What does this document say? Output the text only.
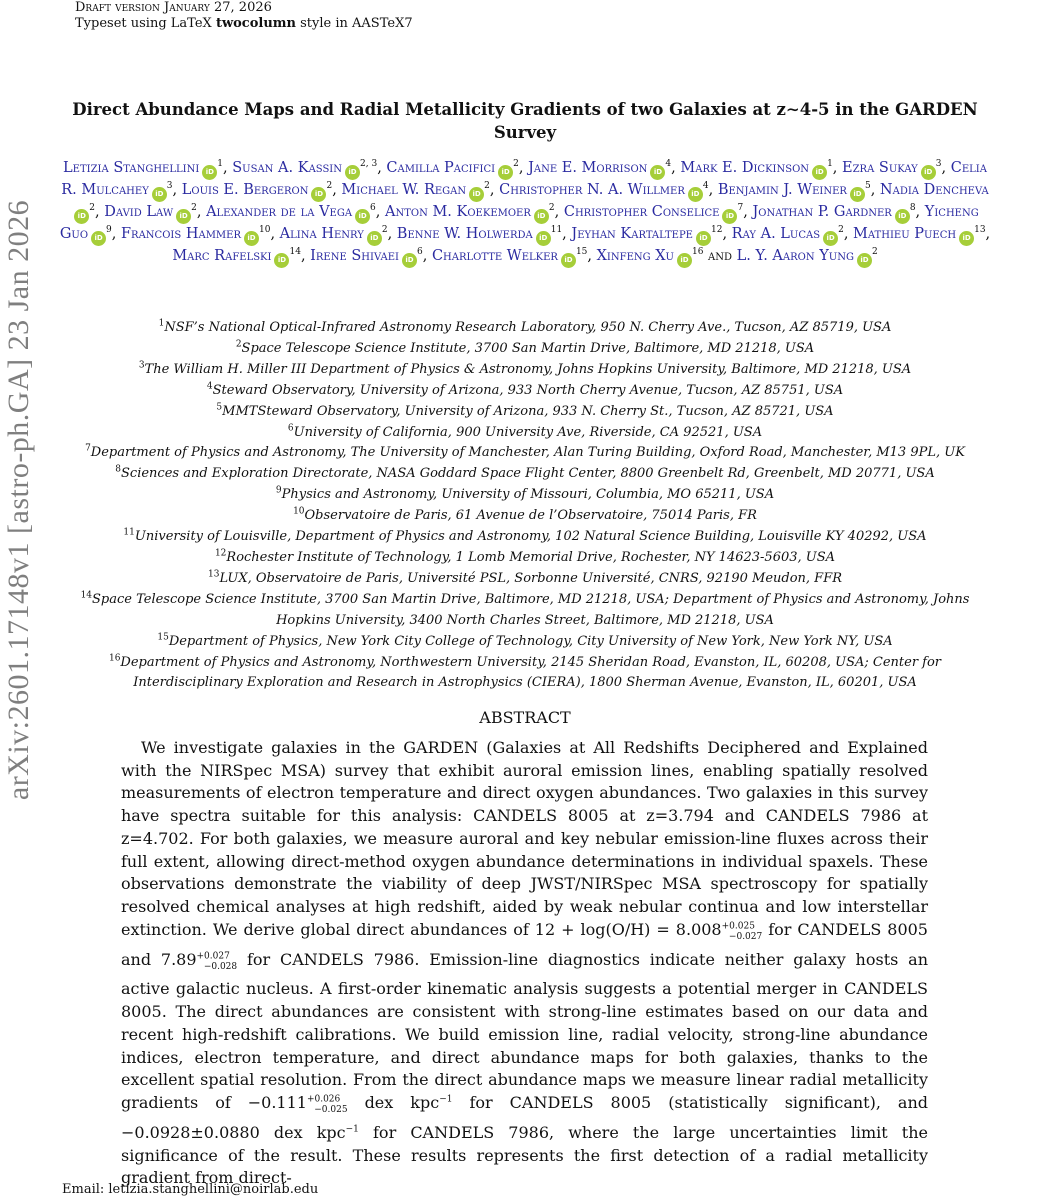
Draft version January 27, 2026
Typeset using LaTeX twocolumn style in AASTeX7
arXiv:2601.17148v1 [astro-ph.GA] 23 Jan 2026
Direct Abundance Maps and Radial Metallicity Gradients of two Galaxies at z∼4-5 in the GARDEN Survey
Letizia Stanghellini $iD^1$, Susan A. Kassin iD$^{2, 3}$, Camilla Pacifici $iD^2$, Jane E. Morrison $iD^4$, Mark E. Dickinson $iD^1$, Ezra Sukay $iD^3$, Celia R. Mulcahey $iD^3$, Louis E. Bergeron $iD^2$, Michael W. Regan $iD^2$, Christopher N. A. Willmer $iD^4$, Benjamin J. Weiner $iD^5$, Nadia DenchevaiD$^2$, David Law $iD^2$, Alexander de la Vega $iD^6$, Anton M. Koekemoer $iD^2$, Christopher Conselice $iD^7$, Jonathan P. Gardner $iD^8$, Yicheng Guo $iD^9$, Francois Hammer $iD^{10}$, Alina Henry $iD^2$, Benne W. Holwerda $iD^{11}$, Jeyhan Kartaltepe $iD^{12}$, Ray A. Lucas $iD^2$, Mathieu Puech $iD^{13}$, Marc Rafelski $iD^{14}$, Irene Shivaei $iD^6$, Charlotte Welker $iD^{15}$, Xinfeng Xu $iD^{16}$ and L. Y. Aaron Yung $iD^2$
$^1$NSF’s National Optical-Infrared Astronomy Research Laboratory, 950 N. Cherry Ave., Tucson, AZ 85719, USA
$^2$Space Telescope Science Institute, 3700 San Martin Drive, Baltimore, MD 21218, USA
$^3$The William H. Miller III Department of Physics & Astronomy, Johns Hopkins University, Baltimore, MD 21218, USA
$^4$Steward Observatory, University of Arizona, 933 North Cherry Avenue, Tucson, AZ 85751, USA
$^5$MMTSteward Observatory, University of Arizona, 933 N. Cherry St., Tucson, AZ 85721, USA
$^6$University of California, 900 University Ave, Riverside, CA 92521, USA
$^7$Department of Physics and Astronomy, The University of Manchester, Alan Turing Building, Oxford Road, Manchester, M13 9PL, UK
$^8$Sciences and Exploration Directorate, NASA Goddard Space Flight Center, 8800 Greenbelt Rd, Greenbelt, MD 20771, USA
$^9$Physics and Astronomy, University of Missouri, Columbia, MO 65211, USA
$^{10}$Observatoire de Paris, 61 Avenue de l’Observatoire, 75014 Paris, FR
$^{11}$University of Louisville, Department of Physics and Astronomy, 102 Natural Science Building, Louisville KY 40292, USA
$^{12}$Rochester Institute of Technology, 1 Lomb Memorial Drive, Rochester, NY 14623-5603, USA
$^{13}$LUX, Observatoire de Paris, Université PSL, Sorbonne Université, CNRS, 92190 Meudon, FFR
$^{14}$Space Telescope Science Institute, 3700 San Martin Drive, Baltimore, MD 21218, USA; Department of Physics and Astronomy, Johns Hopkins University, 3400 North Charles Street, Baltimore, MD 21218, USA
$^{15}$Department of Physics, New York City College of Technology, City University of New York, New York NY, USA
$^{16}$Department of Physics and Astronomy, Northwestern University, 2145 Sheridan Road, Evanston, IL, 60208, USA; Center for Interdisciplinary Exploration and Research in Astrophysics (CIERA), 1800 Sherman Avenue, Evanston, IL, 60201, USA
ABSTRACT

We investigate galaxies in the GARDEN (Galaxies at All Redshifts Deciphered and Explained with the NIRSpec MSA) survey that exhibit auroral emission lines, enabling spatially resolved measurements of electron temperature and direct oxygen abundances. Two galaxies in this survey have spectra suitable for this analysis: CANDELS 8005 at z=3.794 and CANDELS 7986 at z=4.702. For both galaxies, we measure auroral and key nebular emission-line fluxes across their full extent, allowing direct-method oxygen abundance determinations in individual spaxels. These observations demonstrate the viability of deep JWST/NIRSpec MSA spectroscopy for spatially resolved chemical analyses at high redshift, aided by weak nebular continua and low interstellar extinction. We derive global direct abundances of $12 + \log(O/H) = 8.008^{+0.025}_{-0.027}$ for CANDELS 8005 and $7.89^{+0.027}_{-0.028}$ for CANDELS 7986. Emission-line diagnostics indicate neither galaxy hosts an active galactic nucleus. A first-order kinematic analysis suggests a potential merger in CANDELS 8005. The direct abundances are consistent with strong-line estimates based on our data and recent high-redshift calibrations. We build emission line, radial velocity, strong-line abundance indices, electron temperature, and direct abundance maps for both galaxies, thanks to the excellent spatial resolution. From the direct abundance maps we measure linear radial metallicity gradients of $-0.111^{+0.026}_{-0.025}$ dex kpc$^{-1}$ for CANDELS 8005 (statistically significant), and −0.0928±0.0880 dex kpc$^{-1}$ for CANDELS 7986, where the large uncertainties limit the significance of the result. These results represents the first detection of a radial metallicity gradient from direct-

Email: letizia.stanghellini@noirlab.edu
